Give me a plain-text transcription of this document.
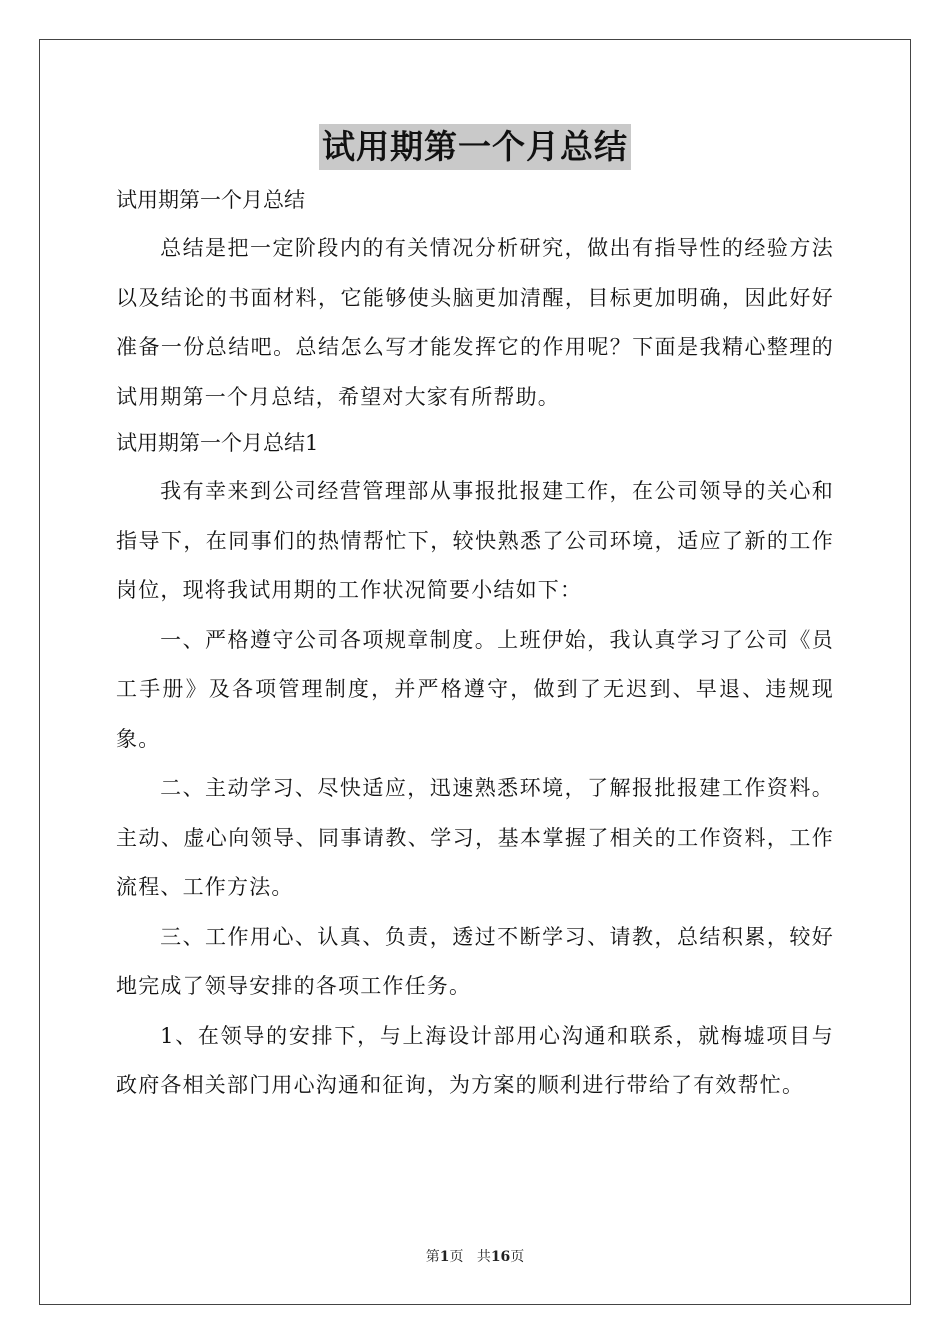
试用期第一个月总结
试用期第一个月总结

总结是把一定阶段内的有关情况分析研究，做出有指导性的经验方法以及结论的书面材料，它能够使头脑更加清醒，目标更加明确，因此好好准备一份总结吧。总结怎么写才能发挥它的作用呢？下面是我精心整理的试用期第一个月总结，希望对大家有所帮助。

试用期第一个月总结1

我有幸来到公司经营管理部从事报批报建工作，在公司领导的关心和指导下，在同事们的热情帮忙下，较快熟悉了公司环境，适应了新的工作岗位，现将我试用期的工作状况简要小结如下：

一、严格遵守公司各项规章制度。上班伊始，我认真学习了公司《员工手册》及各项管理制度，并严格遵守，做到了无迟到、早退、违规现象。

二、主动学习、尽快适应，迅速熟悉环境，了解报批报建工作资料。主动、虚心向领导、同事请教、学习，基本掌握了相关的工作资料，工作流程、工作方法。

三、工作用心、认真、负责，透过不断学习、请教，总结积累，较好地完成了领导安排的各项工作任务。

1、在领导的安排下，与上海设计部用心沟通和联系，就梅墟项目与政府各相关部门用心沟通和征询，为方案的顺利进行带给了有效帮忙。

第1页 共16页
